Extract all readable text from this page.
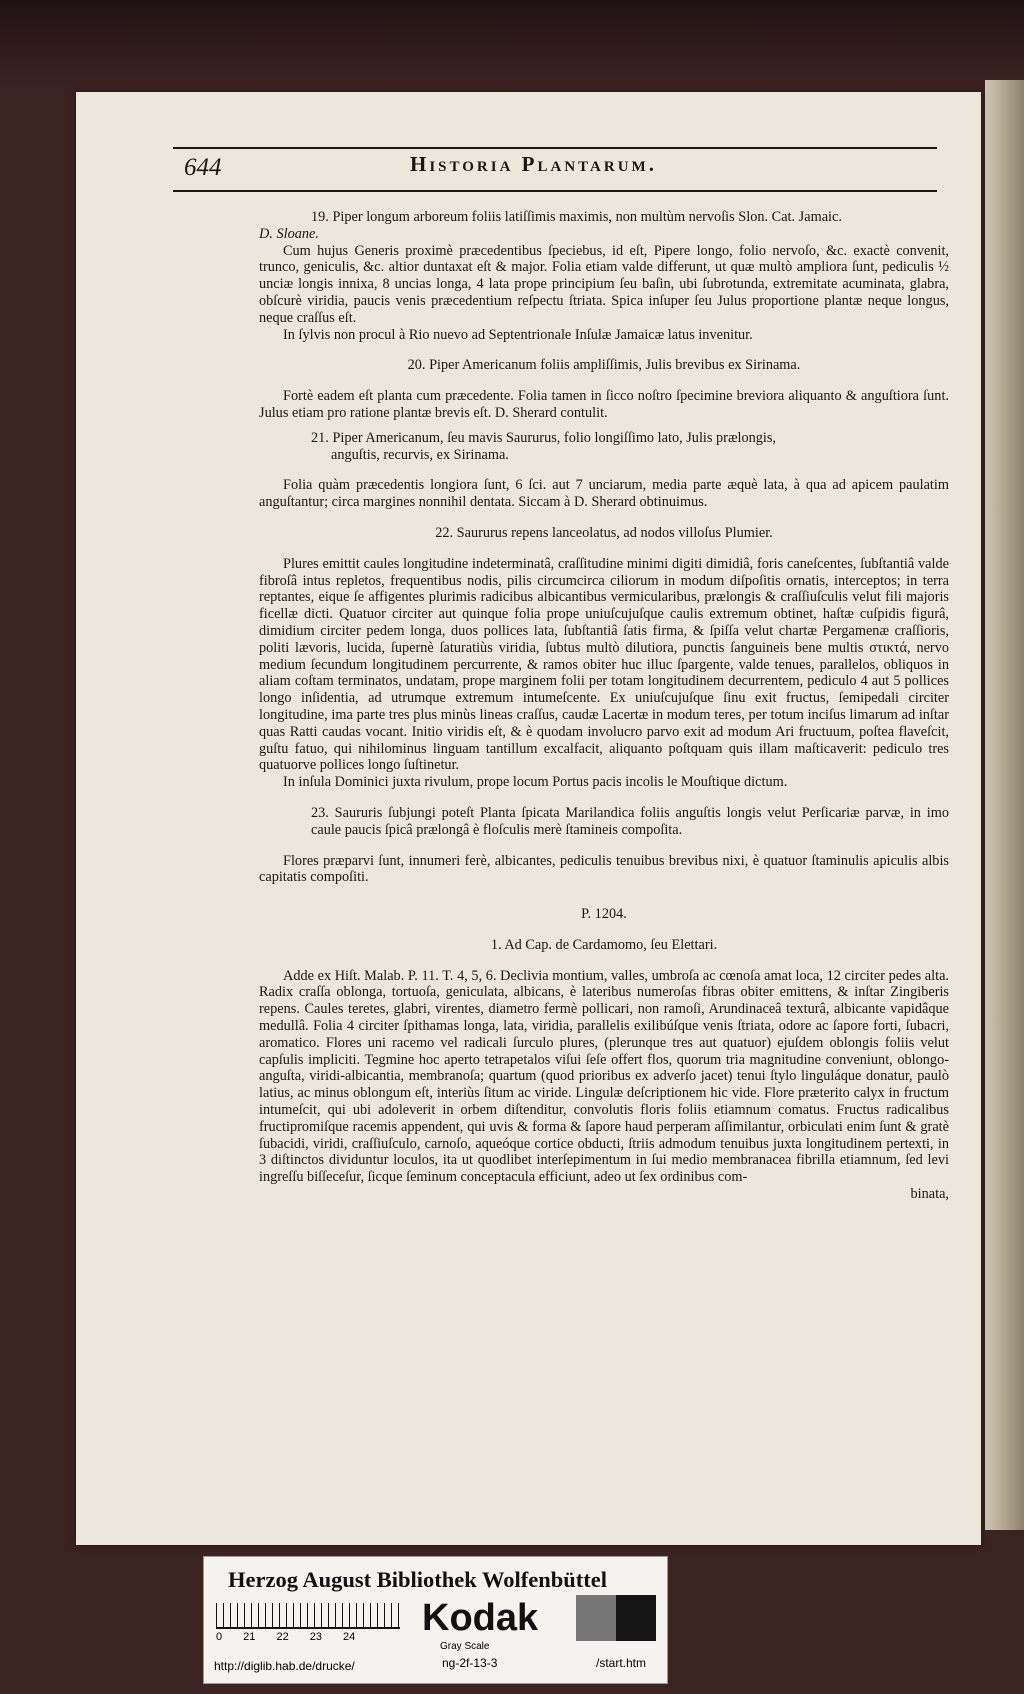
644	Historia Plantarum.

19. Piper longum arboreum foliis latiſſimis maximis, non multùm nervoſis Slon. Cat. Jamaic.

D. Sloane.

Cum hujus Generis proximè præcedentibus ſpeciebus, id eſt, Pipere longo, folio nervoſo, &c. exactè convenit, trunco, geniculis, &c. altior duntaxat eſt & major. Folia etiam valde differunt, ut quæ multò ampliora ſunt, pediculis ½ unciæ longis innixa, 8 uncias longa, 4 lata prope principium ſeu baſin, ubi ſubrotunda, extremitate acuminata, glabra, obſcurè viridia, paucis venis præcedentium reſpectu ſtriata. Spica inſuper ſeu Julus proportione plantæ neque longus, neque craſſus eſt.

In ſylvis non procul à Rio nuevo ad Septentrionale Inſulæ Jamaicæ latus invenitur.

20. Piper Americanum foliis ampliſſimis, Julis brevibus ex Sirinama.

Fortè eadem eſt planta cum præcedente. Folia tamen in ſicco noſtro ſpecimine breviora aliquanto & anguſtiora ſunt. Julus etiam pro ratione plantæ brevis eſt. D. Sherard contulit.

21. Piper Americanum, ſeu mavis Saururus, folio longiſſimo lato, Julis prælongis,
anguſtis, recurvis, ex Sirinama.

Folia quàm præcedentis longiora ſunt, 6 ſci. aut 7 unciarum, media parte æquè lata, à qua ad apicem paulatim anguſtantur; circa margines nonnihil dentata. Siccam à D. Sherard obtinuimus.

22. Saururus repens lanceolatus, ad nodos villoſus Plumier.

Plures emittit caules longitudine indeterminatâ, craſſitudine minimi digiti dimidiâ, foris caneſcentes, ſubſtantiâ valde fibroſâ intus repletos, frequentibus nodis, pilis circumcirca ciliorum in modum diſpoſitis ornatis, interceptos; in terra reptantes, eique ſe affigentes plurimis radicibus albicantibus vermicularibus, prælongis & craſſiuſculis velut fili majoris ficellæ dicti. Quatuor circiter aut quinque folia prope uniuſcujuſque caulis extremum obtinet, haſtæ cuſpidis figurâ, dimidium circiter pedem longa, duos pollices lata, ſubſtantiâ ſatis firma, & ſpiſſa velut chartæ Pergamenæ craſſioris, politi lævoris, lucida, ſupernè ſaturatiùs viridia, ſubtus multò dilutiora, punctis ſanguineis bene multis στικτά, nervo medium ſecundum longitudinem percurrente, & ramos obiter huc illuc ſpargente, valde tenues, parallelos, obliquos in aliam coſtam terminatos, undatam, prope marginem folii per totam longitudinem decurrentem, pediculo 4 aut 5 pollices longo inſidentia, ad utrumque extremum intumeſcente. Ex uniuſcujuſque ſinu exit fructus, ſemipedali circiter longitudine, ima parte tres plus minùs lineas craſſus, caudæ Lacertæ in modum teres, per totum inciſus limarum ad inſtar quas Ratti caudas vocant. Initio viridis eſt, & è quodam involucro parvo exit ad modum Ari fructuum, poſtea flaveſcit, guſtu fatuo, qui nihilominus linguam tantillum excalfacit, aliquanto poſtquam quis illam maſticaverit: pediculo tres quatuorve pollices longo ſuſtinetur.

In inſula Dominici juxta rivulum, prope locum Portus pacis incolis le Mouſtique dictum.

23. Saururis ſubjungi poteſt Planta ſpicata Marilandica foliis anguſtis longis velut Perſicariæ parvæ, in imo caule paucis ſpicâ prælongâ è floſculis merè ſtamineis compoſita.

Flores præparvi ſunt, innumeri ferè, albicantes, pediculis tenuibus brevibus nixi, è quatuor ſtaminulis apiculis albis capitatis compoſiti.

P. 1204.

1. Ad Cap. de Cardamomo, ſeu Elettari.

Adde ex Hiſt. Malab. P. 11. T. 4, 5, 6. Declivia montium, valles, umbroſa ac cœnoſa amat loca, 12 circiter pedes alta. Radix craſſa oblonga, tortuoſa, geniculata, albicans, è lateribus numeroſas fibras obiter emittens, & inſtar Zingiberis repens. Caules teretes, glabri, virentes, diametro fermè pollicari, non ramoſi, Arundinaceâ texturâ, albicante vapidâque medullâ. Folia 4 circiter ſpithamas longa, lata, viridia, parallelis exilibúſque venis ſtriata, odore ac ſapore forti, ſubacri, aromatico. Flores uni racemo vel radicali ſurculo plures, (plerunque tres aut quatuor) ejuſdem oblongis foliis velut capſulis impliciti. Tegmine hoc aperto tetrapetalos viſui ſeſe offert flos, quorum tria magnitudine conveniunt, oblongo-anguſta, viridi-albicantia, membranoſa; quartum (quod prioribus ex adverſo jacet) tenui ſtylo linguláque donatur, paulò latius, ac minus oblongum eſt, interiùs ſitum ac viride. Lingulæ deſcriptionem hic vide. Flore præterito calyx in fructum intumeſcit, qui ubi adoleverit in orbem diſtenditur, convolutis floris foliis etiamnum comatus. Fructus radicalibus fructipromiſque racemis appendent, qui uvis & forma & ſapore haud perperam aſſimilantur, orbiculati enim ſunt & gratè ſubacidi, viridi, craſſiuſculo, carnoſo, aqueóque cortice obducti, ſtriis admodum tenuibus juxta longitudinem pertexti, in 3 diſtinctos dividuntur loculos, ita ut quodlibet interſepimentum in ſui medio membranacea fibrilla etiamnum, ſed levi ingreſſu biſſeceſur, ſicque ſeminum conceptacula efficiunt, adeo ut ſex ordinibus com-

binata,

Herzog August Bibliothek Wolfenbüttel
0 21 22 23 24 Kodak
Gray Scale
http://diglib.hab.de/drucke/	ng-2f-13-3	/start.htm
